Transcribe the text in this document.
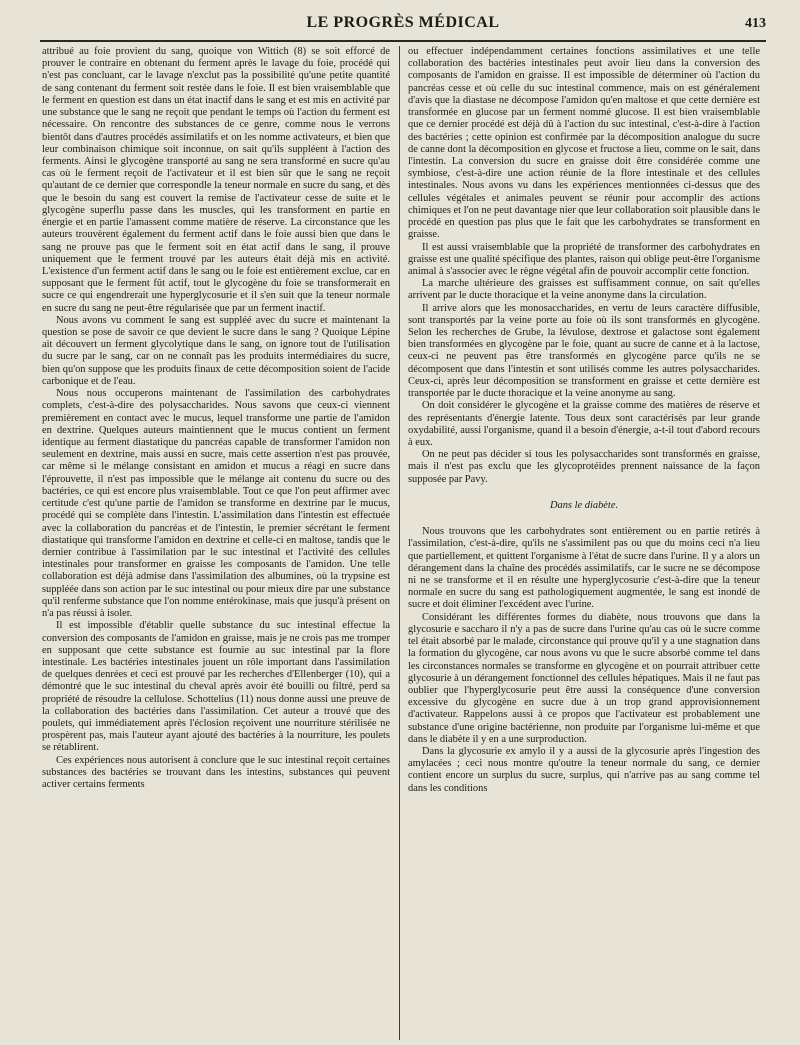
LE PROGRÈS MÉDICAL	413

attribué au foie provient du sang, quoique von Wittich (8) se soit efforcé de prouver le contraire en obtenant du ferment après le lavage du foie, procédé qui n'est pas concluant, car le lavage n'exclut pas la possibilité qu'une petite quantité de sang contenant du ferment soit restée dans le foie. Il est bien vraisemblable que le ferment en question est dans un état inactif dans le sang et est mis en activité par une substance que le sang ne reçoit que pendant le temps où l'action du ferment est nécessaire. On rencontre des substances de ce genre, comme nous le verrons bientôt dans d'autres procédés assimilatifs et on les nomme activateurs, et bien que leur combinaison chimique soit inconnue, on sait qu'ils suppléent à l'action des ferments. Ainsi le glycogène transporté au sang ne sera transformé en sucre qu'au cas où le ferment reçoit de l'activateur et il est bien sûr que le sang ne reçoit qu'autant de ce dernier que correspondle la teneur normale en sucre du sang, et dès que le besoin du sang est couvert la remise de l'activateur cesse de suite et le glycogène superflu passe dans les muscles, qui les transforment en partie en énergie et en partie l'amassent comme matière de réserve. La circonstance que les auteurs trouvèrent également du ferment actif dans le foie aussi bien que dans le sang ne prouve pas que le ferment soit en état actif dans le sang, il prouve uniquement que le ferment trouvé par les auteurs était déjà mis en activité. L'existence d'un ferment actif dans le sang ou le foie est entièrement exclue, car en supposant que le ferment fût actif, tout le glycogène du foie se transformerait en sucre ce qui engendrerait une hyperglycosurie et il s'en suit que la teneur normale en sucre du sang ne peut-être régularisée que par un ferment inactif.

Nous avons vu comment le sang est suppléé avec du sucre et maintenant la question se pose de savoir ce que devient le sucre dans le sang ? Quoique Lépine ait découvert un ferment glycolytique dans le sang, on ignore tout de l'utilisation du sucre par le sang, car on ne connaît pas les produits intermédiaires du sucre, bien qu'on suppose que les produits finaux de cette décomposition soient de l'acide carbonique et de l'eau.

Nous nous occuperons maintenant de l'assimilation des carbohydrates complets, c'est-à-dire des polysaccharides. Nous savons que ceux-ci viennent premièrement en contact avec le mucus, lequel transforme une partie de l'amidon en dextrine. Quelques auteurs maintiennent que le mucus contient un ferment identique au ferment diastatique du pancréas capable de transformer l'amidon non seulement en dextrine, mais aussi en sucre, mais cette assertion n'est pas prouvée, car même si le mélange consistant en amidon et mucus a réagi en sucre dans l'éprouvette, il n'est pas impossible que le mélange ait contenu du sucre ou des bactéries, ce qui est encore plus vraisemblable. Tout ce que l'on peut affirmer avec certitude c'est qu'une partie de l'amidon se transforme en dextrine par le mucus, procédé qui se complète dans l'intestin. L'assimilation dans l'intestin est effectuée avec la collaboration du pancréas et de l'intestin, le premier sécrétant le ferment diastatique qui transforme l'amidon en dextrine et celle-ci en maltose, tandis que le dernier contribue à l'assimilation par le suc intestinal et l'activité des cellules intestinales pour transformer en graisse les composants de l'amidon. Une telle collaboration est déjà admise dans l'assimilation des albumines, où la trypsine est suppléée dans son action par le suc intestinal ou pour mieux dire par une substance qu'il renferme substance que l'on nomme entérokinase, mais que jusqu'à présent on n'a pas réussi à isoler.

Il est impossible d'établir quelle substance du suc intestinal effectue la conversion des composants de l'amidon en graisse, mais je ne crois pas me tromper en supposant que cette substance est fournie au suc intestinal par la flore intestinale. Les bactéries intestinales jouent un rôle important dans l'assimilation de quelques denrées et ceci est prouvé par les recherches d'Ellenberger (10), qui a démontré que le suc intestinal du cheval après avoir été bouilli ou filtré, perd sa propriété de résoudre la cellulose. Schottelius (11) nous donne aussi une preuve de la collaboration des bactéries dans l'assimilation. Cet auteur a trouvé que des poulets, qui immédiatement après l'éclosion reçoivent une nourriture stérilisée ne prospèrent pas, mais l'auteur ayant ajouté des bactéries à la nourriture, les poulets se rétablirent.

Ces expériences nous autorisent à conclure que le suc intestinal reçoit certaines substances des bactéries se trouvant dans les intestins, substances qui peuvent activer certains ferments

ou effectuer indépendamment certaines fonctions assimilatives et une telle collaboration des bactéries intestinales peut avoir lieu dans la conversion des composants de l'amidon en graisse. Il est impossible de déterminer où l'action du pancréas cesse et où celle du suc intestinal commence, mais on est généralement d'avis que la diastase ne décompose l'amidon qu'en maltose et que cette dernière est transformée en glucose par un ferment nommé glucose. Il est bien vraisemblable que ce dernier procédé est déjà dû à l'action du suc intestinal, c'est-à-dire à l'action des bactéries ; cette opinion est confirmée par la décomposition analogue du sucre de canne dont la décomposition en glycose et fructose a lieu, comme on le sait, dans l'intestin. La conversion du sucre en graisse doit être considérée comme une symbiose, c'est-à-dire une action réunie de la flore intestinale et des cellules intestinales. Nous avons vu dans les expériences mentionnées ci-dessus que des cellules végétales et animales peuvent se réunir pour accomplir des actions chimiques et l'on ne peut davantage nier que leur collaboration soit plausible dans le procédé en question pas plus que le fait que les carbohydrates se transforment en graisse.

Il est aussi vraisemblable que la propriété de transformer des carbohydrates en graisse est une qualité spécifique des plantes, raison qui oblige peut-être l'organisme animal à s'associer avec le règne végétal afin de pouvoir accomplir cette fonction.

La marche ultérieure des graisses est suffisamment connue, on sait qu'elles arrivent par le ducte thoracique et la veine anonyme dans la circulation.

Il arrive alors que les monosaccharides, en vertu de leurs caractère diffusible, sont transportés par la veine porte au foie où ils sont transformés en glycogène. Selon les recherches de Grube, la lévulose, dextrose et galactose sont également bien transformées en glycogène par le foie, quant au sucre de canne et à la lactose, ceux-ci ne peuvent pas être transformés en glycogène parce qu'ils ne se décomposent que dans l'intestin et sont utilisés comme les autres polysaccharides. Ceux-ci, après leur décomposition se transforment en graisse et cette dernière est transportée par le ducte thoracique et la veine anonyme au sang.

On doit considérer le glycogène et la graisse comme des matières de réserve et des représentants d'énergie latente. Tous deux sont caractérisés par leur grande oxydabilité, aussi l'organisme, quand il a besoin d'énergie, a-t-il tout d'abord recours à eux.

On ne peut pas décider si tous les polysaccharides sont transformés en graisse, mais il n'est pas exclu que les glycoprotéides prennent naissance de la façon supposée par Pavy.

Dans le diabète.

Nous trouvons que les carbohydrates sont entièrement ou en partie retirés à l'assimilation, c'est-à-dire, qu'ils ne s'assimilent pas ou que du moins ceci n'a lieu que partiellement, et quittent l'organisme à l'état de sucre dans l'urine. Il y a alors un dérangement dans la chaîne des procédés assimilatifs, car le sucre ne se décompose ni ne se transforme et il en résulte une hyperglycosurie c'est-à-dire que la teneur normale en sucre du sang est pathologiquement augmentée, le sang est inondé de sucre et doit éliminer l'excédent avec l'urine.

Considérant les différentes formes du diabète, nous trouvons que dans la glycosurie e saccharo il n'y a pas de sucre dans l'urine qu'au cas où le sucre comme tel était absorbé par le malade, circonstance qui prouve qu'il y a une stagnation dans la formation du glycogène, car nous avons vu que le sucre absorbé comme tel dans les circonstances normales se transforme en glycogène et on pourrait attribuer cette glycosurie à un dérangement fonctionnel des cellules hépatiques. Mais il ne faut pas oublier que l'hyperglycosurie peut être aussi la conséquence d'une conversion excessive du glycogène en sucre due à un trop grand approvisionnement d'activateur. Rappelons aussi à ce propos que l'activateur est probablement une substance d'une origine bactérienne, non produite par l'organisme lui-même et que dans le diabète il y en a une surproduction.

Dans la glycosurie ex amylo il y a aussi de la glycosurie après l'ingestion des amylacées ; ceci nous montre qu'outre la teneur normale du sang, ce dernier contient encore un surplus du sucre, surplus, qui n'arrive pas au sang comme tel dans les conditions
